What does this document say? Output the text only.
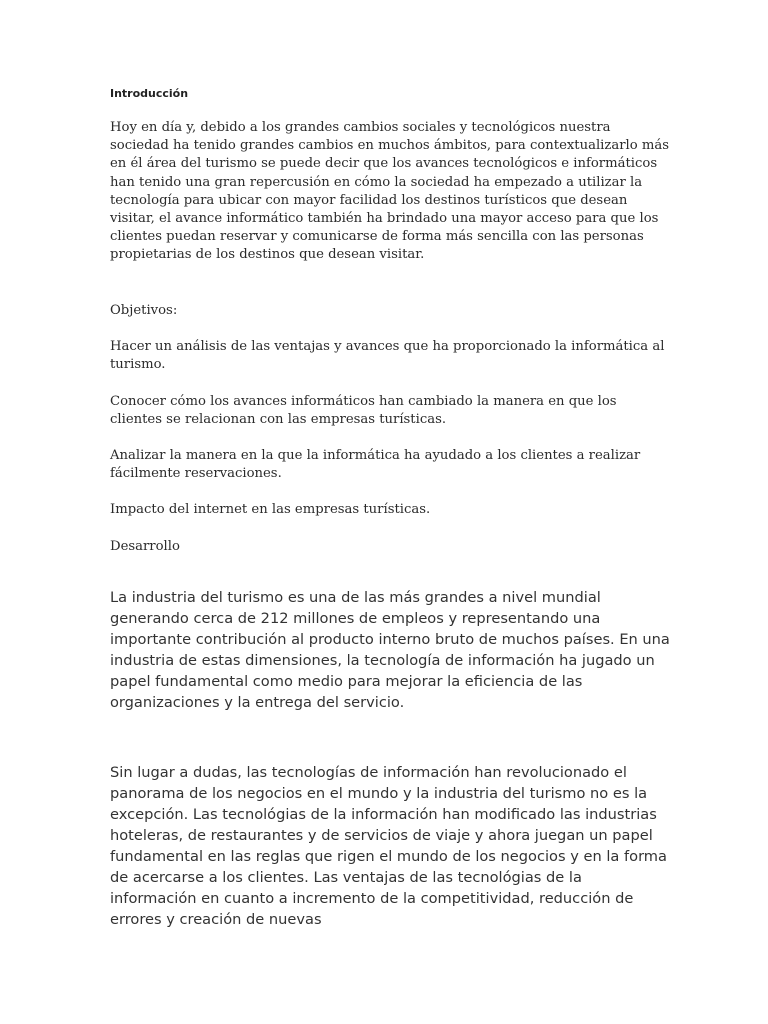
Introducción

Hoy en día y, debido a los grandes cambios sociales y tecnológicos nuestra sociedad ha tenido grandes cambios en muchos ámbitos, para contextualizarlo más en él área del turismo se puede decir que los avances tecnológicos e informáticos han tenido una gran repercusión en cómo la sociedad ha empezado a utilizar la tecnología para ubicar con mayor facilidad los destinos turísticos que desean visitar, el avance informático también ha brindado una mayor acceso para que los clientes puedan reservar y comunicarse de forma más sencilla con las personas propietarias de los destinos que desean visitar.

Objetivos:

Hacer un análisis de las ventajas y avances que ha proporcionado la informática al turismo.

Conocer cómo los avances informáticos han cambiado la manera en que los clientes se relacionan con las empresas turísticas.

Analizar la manera en la que la informática ha ayudado a los clientes a realizar fácilmente reservaciones.

Impacto del internet en las empresas turísticas.

Desarrollo

La industria del turismo es una de las más grandes a nivel mundial generando cerca de 212 millones de empleos y representando una importante contribución al producto interno bruto de muchos países. En una industria de estas dimensiones, la tecnología de información ha jugado un papel fundamental como medio para mejorar la eficiencia de las organizaciones y la entrega del servicio.

Sin lugar a dudas, las tecnologías de información han revolucionado el panorama de los negocios en el mundo y la industria del turismo no es la excepción. Las tecnológias de la información han modificado las industrias hoteleras, de restaurantes y de servicios de viaje y ahora juegan un papel fundamental en las reglas que rigen el mundo de los negocios y en la forma de acercarse a los clientes. Las ventajas de las tecnológias de la información en cuanto a incremento de la competitividad, reducción de errores y creación de nuevas
